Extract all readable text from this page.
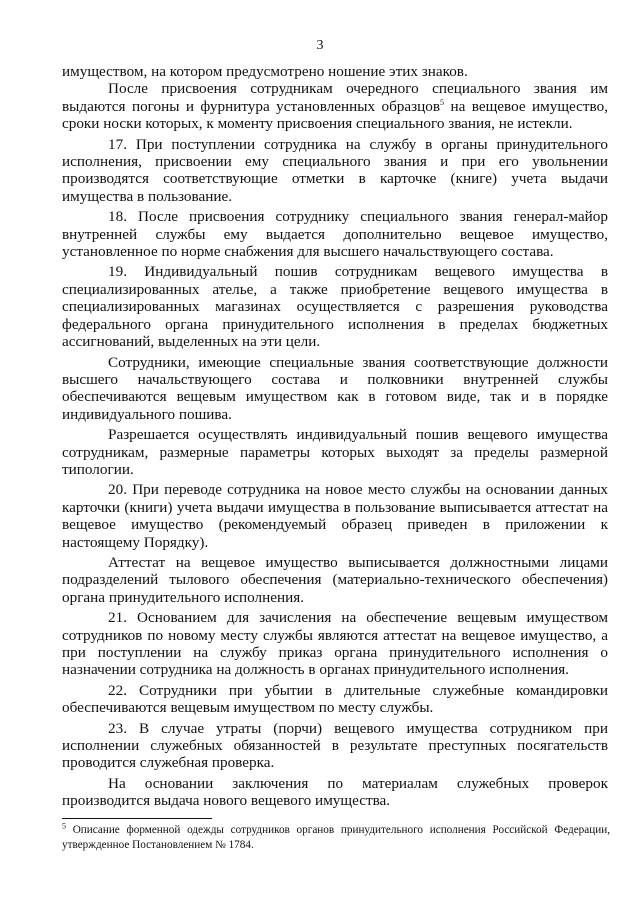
3

имуществом, на котором предусмотрено ношение этих знаков.

После присвоения сотрудникам очередного специального звания им выдаются погоны и фурнитура установленных образцов$^5$ на вещевое имущество, сроки носки которых, к моменту присвоения специального звания, не истекли.

17. При поступлении сотрудника на службу в органы принудительного исполнения, присвоении ему специального звания и при его увольнении производятся соответствующие отметки в карточке (книге) учета выдачи имущества в пользование.

18. После присвоения сотруднику специального звания генерал-майор внутренней службы ему выдается дополнительно вещевое имущество, установленное по норме снабжения для высшего начальствующего состава.

19. Индивидуальный пошив сотрудникам вещевого имущества в специализированных ателье, а также приобретение вещевого имущества в специализированных магазинах осуществляется с разрешения руководства федерального органа принудительного исполнения в пределах бюджетных ассигнований, выделенных на эти цели.

Сотрудники, имеющие специальные звания соответствующие должности высшего начальствующего состава и полковники внутренней службы обеспечиваются вещевым имуществом как в готовом виде, так и в порядке индивидуального пошива.

Разрешается осуществлять индивидуальный пошив вещевого имущества сотрудникам, размерные параметры которых выходят за пределы размерной типологии.

20. При переводе сотрудника на новое место службы на основании данных карточки (книги) учета выдачи имущества в пользование выписывается аттестат на вещевое имущество (рекомендуемый образец приведен в приложении к настоящему Порядку).

Аттестат на вещевое имущество выписывается должностными лицами подразделений тылового обеспечения (материально-технического обеспечения) органа принудительного исполнения.

21. Основанием для зачисления на обеспечение вещевым имуществом сотрудников по новому месту службы являются аттестат на вещевое имущество, а при поступлении на службу приказ органа принудительного исполнения о назначении сотрудника на должность в органах принудительного исполнения.

22. Сотрудники при убытии в длительные служебные командировки обеспечиваются вещевым имуществом по месту службы.

23. В случае утраты (порчи) вещевого имущества сотрудником при исполнении служебных обязанностей в результате преступных посягательств проводится служебная проверка.

На основании заключения по материалам служебных проверок производится выдача нового вещевого имущества.

$^5$ Описание форменной одежды сотрудников органов принудительного исполнения Российской Федерации, утвержденное Постановлением № 1784.
